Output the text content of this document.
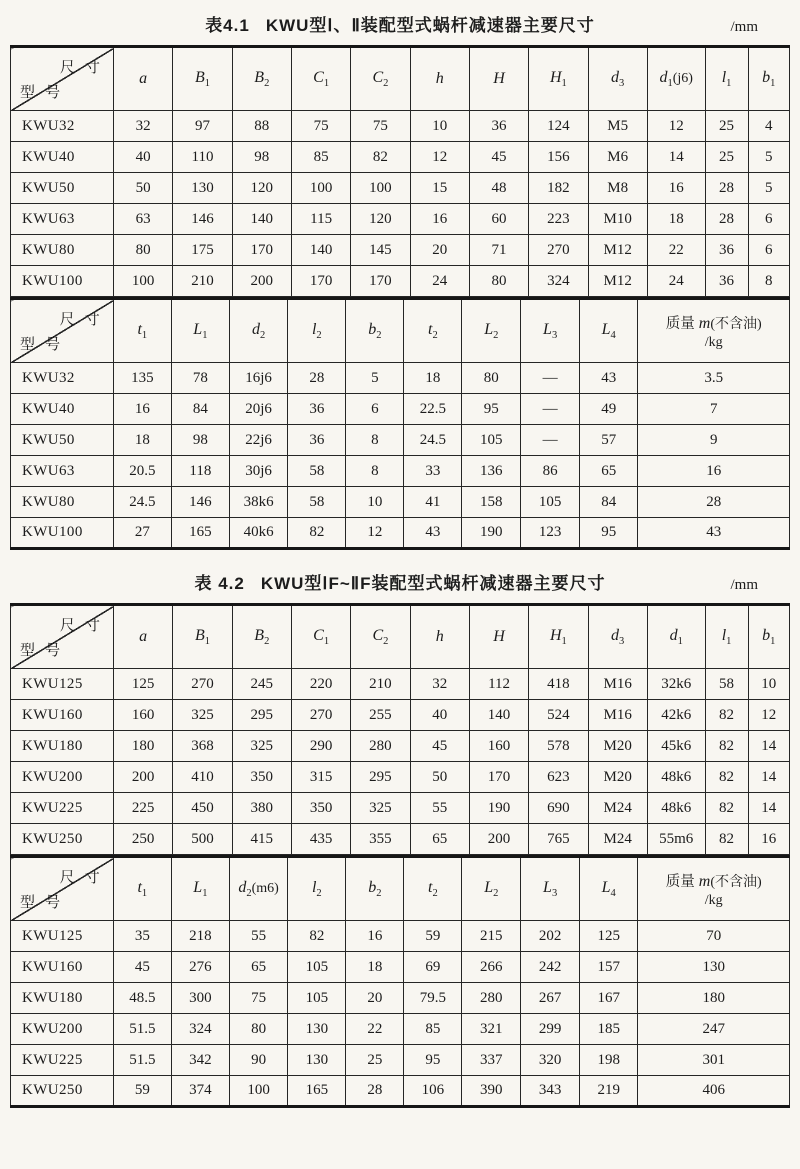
表4.1 KWU型Ⅰ、Ⅱ装配型式蜗杆减速器主要尺寸	/mm
尺 寸
型 号	a	$B_1$	$B_2$	$C_1$	$C_2$	h	H	$H_1$	$d_3$	$d_1(j6)$	$l_1$	$b_1$
KWU32	32	97	88	75	75	10	36	124	M5	12	25	4
KWU40	40	110	98	85	82	12	45	156	M6	14	25	5
KWU50	50	130	120	100	100	15	48	182	M8	16	28	5
KWU63	63	146	140	115	120	16	60	223	M10	18	28	6
KWU80	80	175	170	140	145	20	71	270	M12	22	36	6
KWU100	100	210	200	170	170	24	80	324	M12	24	36	8
尺 寸
型 号	$t_1$	$L_1$	$d_2$	$l_2$	$b_2$	$t_2$	$L_2$	$L_3$	$L_4$	质量 m(不含油)
/kg

KWU32	135	78	16j6	28	5	18	80	—	43	3.5
KWU40	16	84	20j6	36	6	22.5	95	—	49	7
KWU50	18	98	22j6	36	8	24.5	105	—	57	9
KWU63	20.5	118	30j6	58	8	33	136	86	65	16
KWU80	24.5	146	38k6	58	10	41	158	105	84	28
KWU100	27	165	40k6	82	12	43	190	123	95	43
表 4.2 KWU型ⅠF~ⅡF装配型式蜗杆减速器主要尺寸	/mm
尺 寸
型 号	a	$B_1$	$B_2$	$C_1$	$C_2$	h	H	$H_1$	$d_3$	$d_1$	$l_1$	$b_1$
KWU125	125	270	245	220	210	32	112	418	M16	32k6	58	10
KWU160	160	325	295	270	255	40	140	524	M16	42k6	82	12
KWU180	180	368	325	290	280	45	160	578	M20	45k6	82	14
KWU200	200	410	350	315	295	50	170	623	M20	48k6	82	14
KWU225	225	450	380	350	325	55	190	690	M24	48k6	82	14
KWU250	250	500	415	435	355	65	200	765	M24	55m6	82	16
尺 寸
型 号	$t_1$	$L_1$	$d_2(m6)$	$l_2$	$b_2$	$t_2$	$L_2$	$L_3$	$L_4$	质量 m(不含油)
/kg

KWU125	35	218	55	82	16	59	215	202	125	70
KWU160	45	276	65	105	18	69	266	242	157	130
KWU180	48.5	300	75	105	20	79.5	280	267	167	180
KWU200	51.5	324	80	130	22	85	321	299	185	247
KWU225	51.5	342	90	130	25	95	337	320	198	301
KWU250	59	374	100	165	28	106	390	343	219	406
